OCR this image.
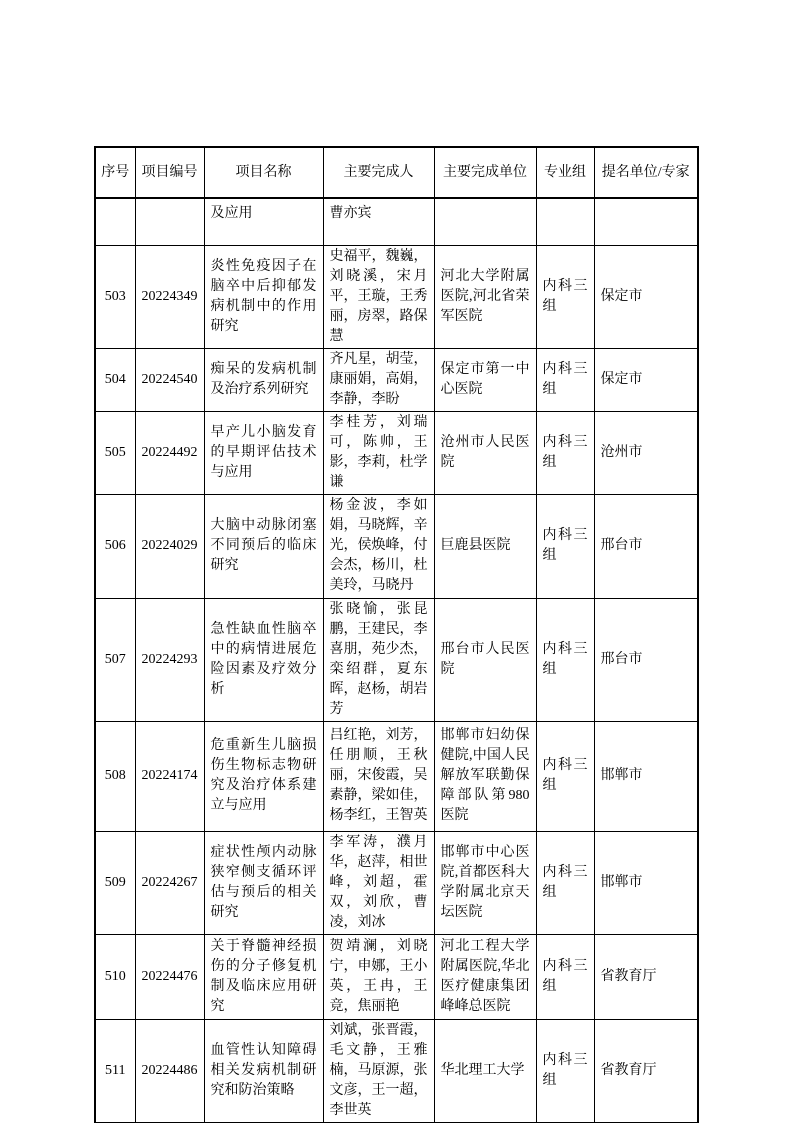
序号	项目编号	项目名称	主要完成人	主要完成单位	专业组	提名单位/专家
		及应用	曹亦宾			
503	20224349	炎性免疫因子在脑卒中后抑郁发病机制中的作用研究	史福平，魏巍，刘晓溪，宋月平，王璇，王秀丽，房翠，路保慧	河北大学附属医院,河北省荣军医院	内科三组	保定市
504	20224540	痴呆的发病机制及治疗系列研究	齐凡星，胡莹，康丽娟，高娟，李静，李盼	保定市第一中心医院	内科三组	保定市
505	20224492	早产儿小脑发育的早期评估技术与应用	李桂芳，刘瑞可，陈帅，王影，李莉，杜学谦	沧州市人民医院	内科三组	沧州市
506	20224029	大脑中动脉闭塞不同预后的临床研究	杨金波，李如娟，马晓辉，辛光，侯焕峰，付会杰，杨川，杜美玲，马晓丹	巨鹿县医院	内科三组	邢台市
507	20224293	急性缺血性脑卒中的病情进展危险因素及疗效分析	张晓愉，张昆鹏，王建民，李喜朋，苑少杰，栾绍群，夏东晖，赵杨，胡岩芳	邢台市人民医院	内科三组	邢台市
508	20224174	危重新生儿脑损伤生物标志物研究及治疗体系建立与应用	吕红艳，刘芳，任朋顺，王秋丽，宋俊霞，吴素静，梁如佳，杨李红，王智英	邯郸市妇幼保健院,中国人民解放军联勤保障部队第980医院	内科三组	邯郸市
509	20224267	症状性颅内动脉狭窄侧支循环评估与预后的相关研究	李军涛，濮月华，赵萍，相世峰，刘超，霍双，刘欣，曹凌，刘冰	邯郸市中心医院,首都医科大学附属北京天坛医院	内科三组	邯郸市
510	20224476	关于脊髓神经损伤的分子修复机制及临床应用研究	贺靖澜，刘晓宁，申娜，王小英，王冉，王竞，焦丽艳	河北工程大学附属医院,华北医疗健康集团峰峰总医院	内科三组	省教育厅
511	20224486	血管性认知障碍相关发病机制研究和防治策略	刘斌，张晋霞，毛文静，王雅楠，马原源，张文彦，王一超，李世英	华北理工大学	内科三组	省教育厅
